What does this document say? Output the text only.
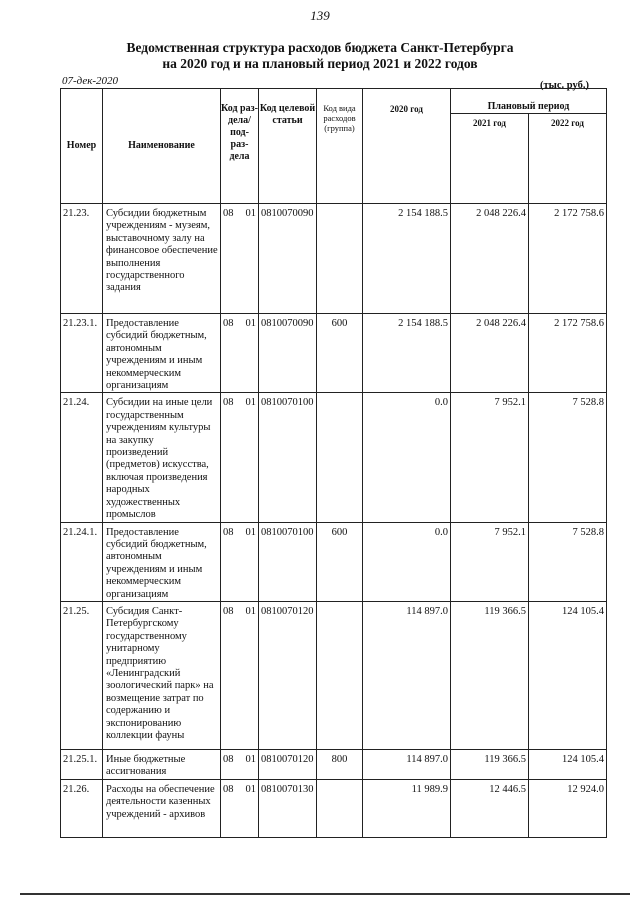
139
Ведомственная структура расходов бюджета Санкт-Петербурга
на 2020 год и на плановый период 2021 и 2022 годов
07-дек-2020	(тыс. руб.)
Номер	Наименование	Код раз- дела/ под- раз- дела	Код целевой статьи	Код вида расходов (группа)	2020 год	Плановый период	
						2021 год	2022 год
21.23.	Субсидии бюджетным учреждениям - музеям, выставочному залу на финансовое обеспечение выполнения государственного задания	08 01	0810070090		2 154 188.5	2 048 226.4	2 172 758.6
21.23.1.	Предоставление субсидий бюджетным, автономным учреждениям и иным некоммерческим организациям	08 01	0810070090	600	2 154 188.5	2 048 226.4	2 172 758.6
21.24.	Субсидии на иные цели государственным учреждениям культуры на закупку произведений (предметов) искусства, включая произведения народных художественных промыслов	08 01	0810070100		0.0	7 952.1	7 528.8
21.24.1.	Предоставление субсидий бюджетным, автономным учреждениям и иным некоммерческим организациям	08 01	0810070100	600	0.0	7 952.1	7 528.8
21.25.	Субсидия Санкт-Петербургскому государственному унитарному предприятию «Ленинградский зоологический парк» на возмещение затрат по содержанию и экспонированию коллекции фауны	08 01	0810070120		114 897.0	119 366.5	124 105.4
21.25.1.	Иные бюджетные ассигнования	08 01	0810070120	800	114 897.0	119 366.5	124 105.4
21.26.	Расходы на обеспечение деятельности казенных учреждений - архивов	08 01	0810070130		11 989.9	12 446.5	12 924.0
